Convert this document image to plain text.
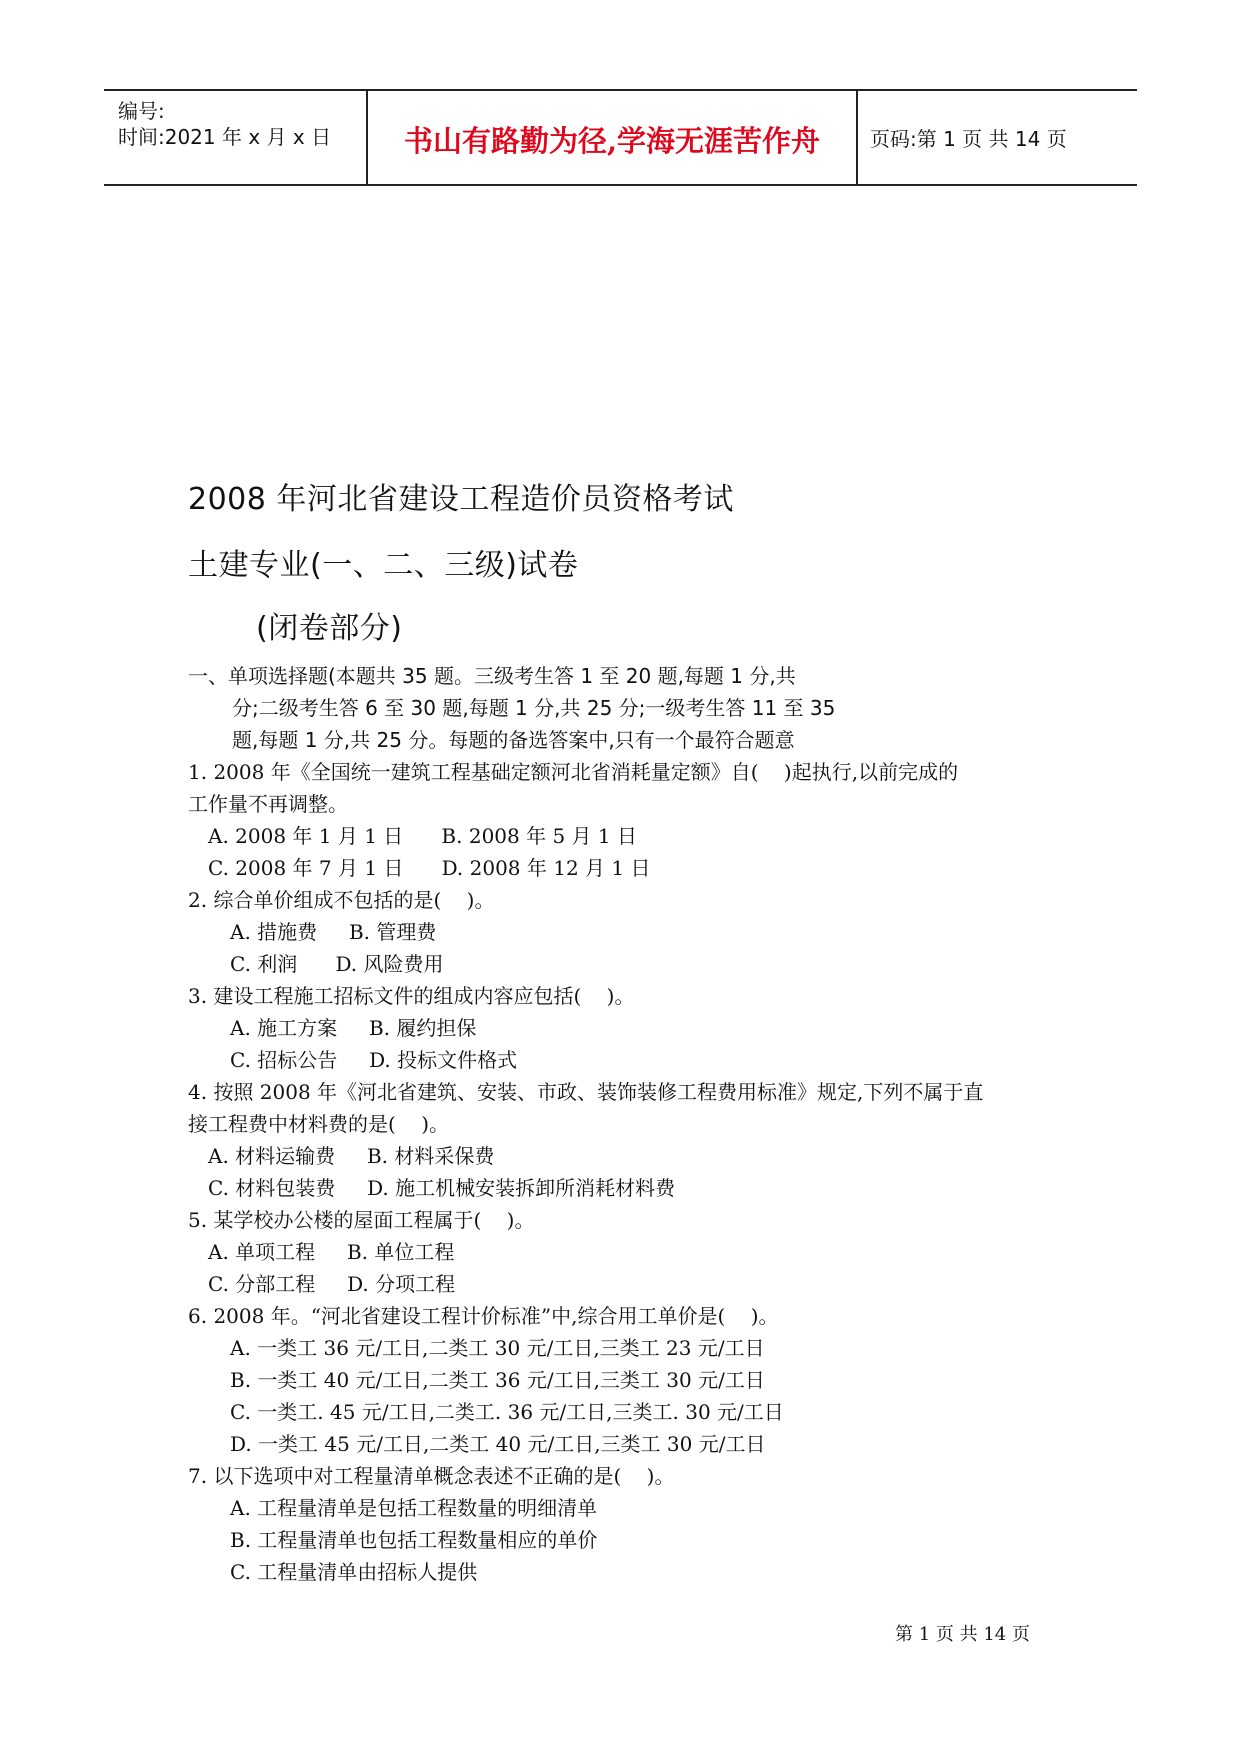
编号:
时间:2021 年 x 月 x 日	书山有路勤为径,学海无涯苦作舟	页码:第 1 页 共 14 页
2008 年河北省建设工程造价员资格考试
土建专业(一、二、三级)试卷
(闭卷部分)
一、单项选择题(本题共 35 题。三级考生答 1 至 20 题,每题 1 分,共
分;二级考生答 6 至 30 题,每题 1 分,共 25 分;一级考生答 11 至 35
题,每题 1 分,共 25 分。每题的备选答案中,只有一个最符合题意
1. 2008 年《全国统一建筑工程基础定额河北省消耗量定额》自(    )起执行,以前完成的
工作量不再调整。
A. 2008 年 1 月 1 日      B. 2008 年 5 月 1 日
C. 2008 年 7 月 1 日      D. 2008 年 12 月 1 日
2. 综合单价组成不包括的是(    )。
A. 措施费     B. 管理费
C. 利润      D. 风险费用
3. 建设工程施工招标文件的组成内容应包括(    )。
A. 施工方案     B. 履约担保
C. 招标公告     D. 投标文件格式
4. 按照 2008 年《河北省建筑、安装、市政、装饰装修工程费用标准》规定,下列不属于直
接工程费中材料费的是(    )。
A. 材料运输费     B. 材料采保费
C. 材料包装费     D. 施工机械安装拆卸所消耗材料费
5. 某学校办公楼的屋面工程属于(    )。
A. 单项工程     B. 单位工程
C. 分部工程     D. 分项工程
6. 2008 年。“河北省建设工程计价标准”中,综合用工单价是(    )。
A. 一类工 36 元/工日,二类工 30 元/工日,三类工 23 元/工日
B. 一类工 40 元/工日,二类工 36 元/工日,三类工 30 元/工日
C. 一类工. 45 元/工日,二类工. 36 元/工日,三类工. 30 元/工日
D. 一类工 45 元/工日,二类工 40 元/工日,三类工 30 元/工日
7. 以下选项中对工程量清单概念表述不正确的是(    )。
A. 工程量清单是包括工程数量的明细清单
B. 工程量清单也包括工程数量相应的单价
C. 工程量清单由招标人提供
第 1 页 共 14 页
